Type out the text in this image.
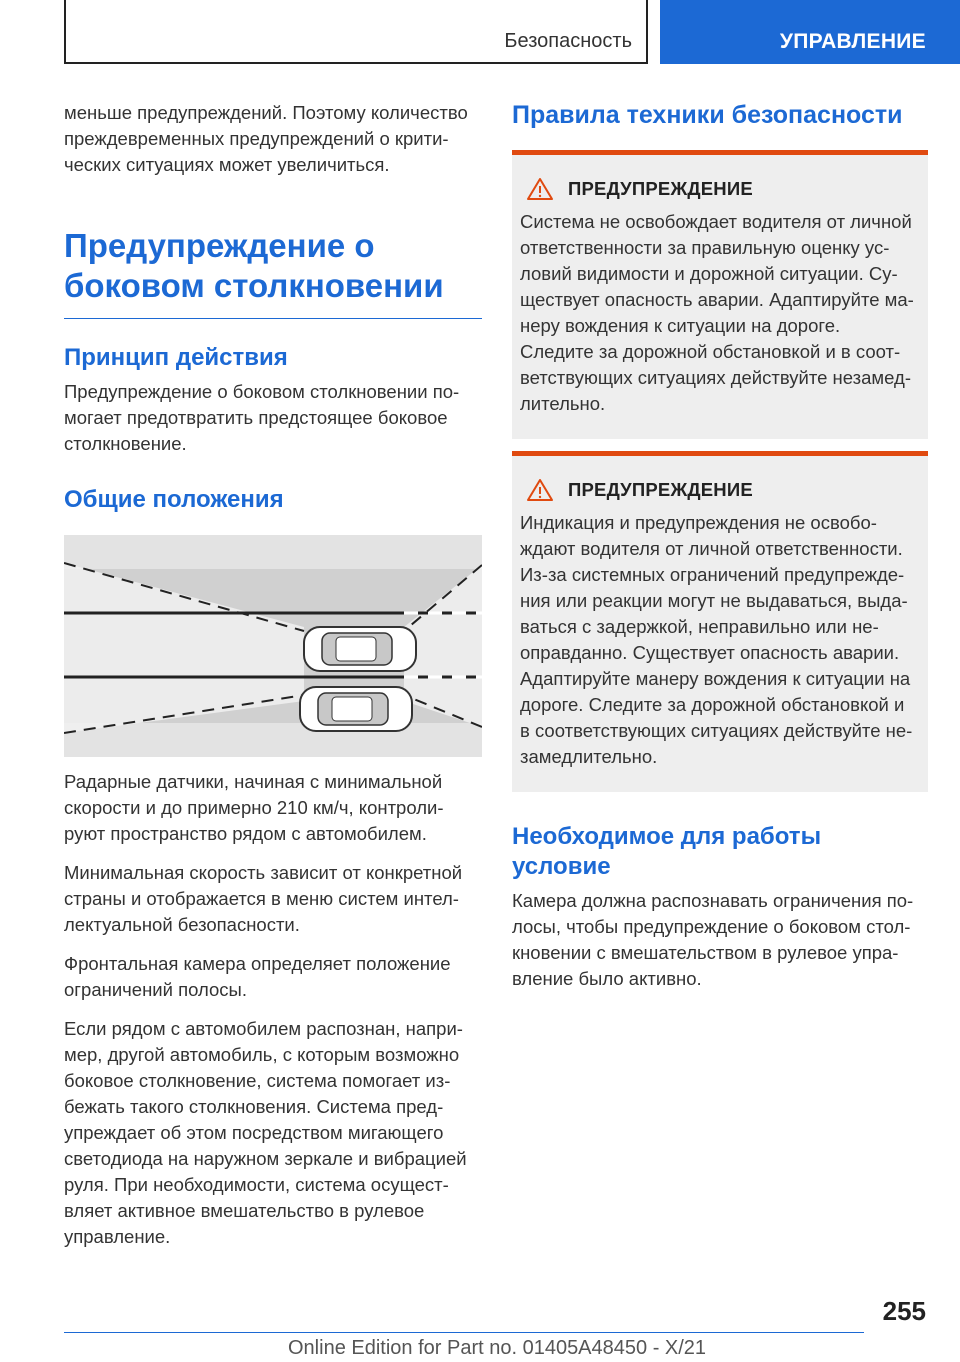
Безопасность	УПРАВЛЕНИЕ

меньше предупреждений. Поэтому количество
преждевременных предупреждений о крити-
ческих ситуациях может увеличиться.

Предупреждение о
боковом столкновении
Принцип действия

Предупреждение о боковом столкновении по-
могает предотвратить предстоящее боковое
столкновение.

Общие положения

Радарные датчики, начиная с минимальной
скорости и до примерно 210 км/ч, контроли-
руют пространство рядом с автомобилем.

Минимальная скорость зависит от конкретной
страны и отображается в меню систем интел-
лектуальной безопасности.

Фронтальная камера определяет положение
ограничений полосы.

Если рядом с автомобилем распознан, напри-
мер, другой автомобиль, с которым возможно
боковое столкновение, система помогает из-
бежать такого столкновения. Система пред-
упреждает об этом посредством мигающего
светодиода на наружном зеркале и вибрацией
руля. При необходимости, система осущест-
вляет активное вмешательство в рулевое
управление.

Правила техники безопасности
ПРЕДУПРЕЖДЕНИЕ

Система не освобождает водителя от личной
ответственности за правильную оценку ус-
ловий видимости и дорожной ситуации. Су-
ществует опасность аварии. Адаптируйте ма-
неру вождения к ситуации на дороге.
Следите за дорожной обстановкой и в соот-
ветствующих ситуациях действуйте незамед-
лительно.

ПРЕДУПРЕЖДЕНИЕ

Индикация и предупреждения не освобо-
ждают водителя от личной ответственности.
Из-за системных ограничений предупрежде-
ния или реакции могут не выдаваться, выда-
ваться с задержкой, неправильно или не-
оправданно. Существует опасность аварии.
Адаптируйте манеру вождения к ситуации на
дороге. Следите за дорожной обстановкой и
в соответствующих ситуациях действуйте не-
замедлительно.

Необходимое для работы
условие

Камера должна распознавать ограничения по-
лосы, чтобы предупреждение о боковом стол-
кновении с вмешательством в рулевое упра-
вление было активно.

255
Online Edition for Part no. 01405A48450 - X/21
